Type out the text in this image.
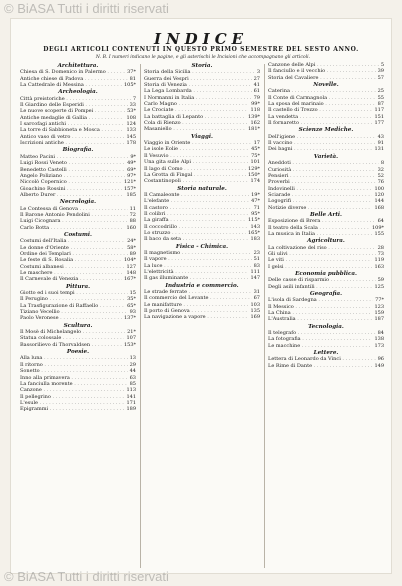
© BiASA Tutti i diritti riservati
INDICE
DEGLI ARTICOLI CONTENUTI IN QUESTO PRIMO SEMESTRE DEL SESTO ANNO.
N. B. I numeri indicano le pagine, e gli asterischi le Incisioni che accompagnano gli articoli.
Architettura.
Chiesa di S. Domenico in Palermo . . .	37*
Antiche chiese di Padova . . .	81
La Cattedrale di Messina . . .	105*
Archeologia.
Città preistoriche . . .	7
Il Giardino delle Esperidi . . .	33
Le nuove scoperte di Pompei . . .	53*
Antiche medaglie di Gallia . . .	108
I sarcofagi antichi . . .	124
La torre di Sabbioneta e Mosca . . .	133
Antico vaso di vetro . . .	145
Iscrizioni antiche . . .	178
Biografia.
Matteo Pacini . . .	9*
Luigi Rossi Veneto . . .	49*
Benedetto Castelli . . .	69*
Angelo Poliziano . . .	97*
Niccolò Copernico . . .	121*
Gioachino Rossini . . .	157*
Alberto Durer . . .	185
Necrologia.
Le Contessa di Genova . . .	11
Il Barone Antonio Pendolini . . .	72
Luigi Cicognara . . .	88
Carlo Botta . . .	160
Costumi.
Costumi dell'Italia . . .	24*
Le donne d'Oriente . . .	58*
Ordine dei Templari . . .	89
Le feste di S. Rosalia . . .	104*
Costumi albanesi . . .	127
Le maschere . . .	148
Il Carnevale di Venezia . . .	167*
Pittura.
Giotto ed i suoi tempi . . .	15
Il Perugino . . .	35*
La Trasfigurazione di Raffaello . . .	65*
Tiziano Vecellio . . .	93
Paolo Veronese . . .	137*
Scultura.
Il Mosè di Michelangelo . . .	21*
Statua colossale . . .	107
Bassorilievo di Thorvaldsen . . .	153*
Poesie.
Alla luna . . .	13
Il ritorno . . .	29
Sonetto . . .	44
Inno alla primavera . . .	63
La fanciulla morente . . .	85
Canzone . . .	113
Il pellegrino . . .	141
L'esule . . .	171
Epigrammi . . .	189
Storia.
Storia della Sicilia . . .	3
Guerra dei Vespri . . .	27
Storia di Venezia . . .	41
La Lega Lombarda . . .	61
I Normanni in Italia . . .	79
Carlo Magno . . .	99*
Le Crociate . . .	118
La battaglia di Lepanto . . .	139*
Cola di Rienzo . . .	162
Masaniello . . .	181*
Viaggi.
Viaggio in Oriente . . .	17
Le isole Eolie . . .	45*
Il Vesuvio . . .	75*
Una gita sulle Alpi . . .	101
Il lago di Como . . .	129*
La Grotta di Fingal . . .	150*
Costantinopoli . . .	174
Storia naturale.
Il Camaleonte . . .	19*
L'elefante . . .	47*
Il castoro . . .	71
Il colibrì . . .	95*
La giraffa . . .	115*
Il coccodrillo . . .	143
Lo struzzo . . .	165*
Il baco da seta . . .	183
Fisica - Chimica.
Il magnetismo . . .	23
Il vapore . . .	51
La luce . . .	83
L'elettricità . . .	111
Il gas illuminante . . .	147
Industria e commercio.
Le strade ferrate . . .	31
Il commercio del Levante . . .	67
Le manifatture . . .	103
Il porto di Genova . . .	135
La navigazione a vapore . . .	169
Canzone delle Alpi . . .	5
Il fanciullo e il vecchio . . .	39
Storia del Cavaliere . . .	57
Novelle.
Caterina . . .	25
Il Conte di Carmagnola . . .	55
La sposa del marinaio . . .	87
Il castello di Trezzo . . .	117
La vendetta . . .	151
Il fornaretto . . .	177
Scienze Mediche.
Dell'igiene . . .	43
Il vaccino . . .	91
Dei bagni . . .	131
Varietà.
Aneddoti . . .	8
Curiosità . . .	32
Pensieri . . .	52
Proverbi . . .	76
Indovinelli . . .	100
Sciarade . . .	120
Logogrifi . . .	144
Notizie diverse . . .	168
Belle Arti.
Esposizione di Brera . . .	64
Il teatro della Scala . . .	109*
La musica in Italia . . .	155
Agricoltura.
La coltivazione del riso . . .	28
Gli ulivi . . .	73
Le viti . . .	119
I gelsi . . .	163
Economia pubblica.
Delle casse di risparmio . . .	59
Degli asili infantili . . .	125
Geografia.
L'isola di Sardegna . . .	77*
Il Messico . . .	123
La China . . .	159
L'Australia . . .	187
Tecnologia.
Il telegrafo . . .	84
La fotografia . . .	138
Le macchine . . .	173
Lettere.
Lettera di Leonardo da Vinci . . .	96
Le Rime di Dante . . .	149
© BiASA Tutti i diritti riservati
